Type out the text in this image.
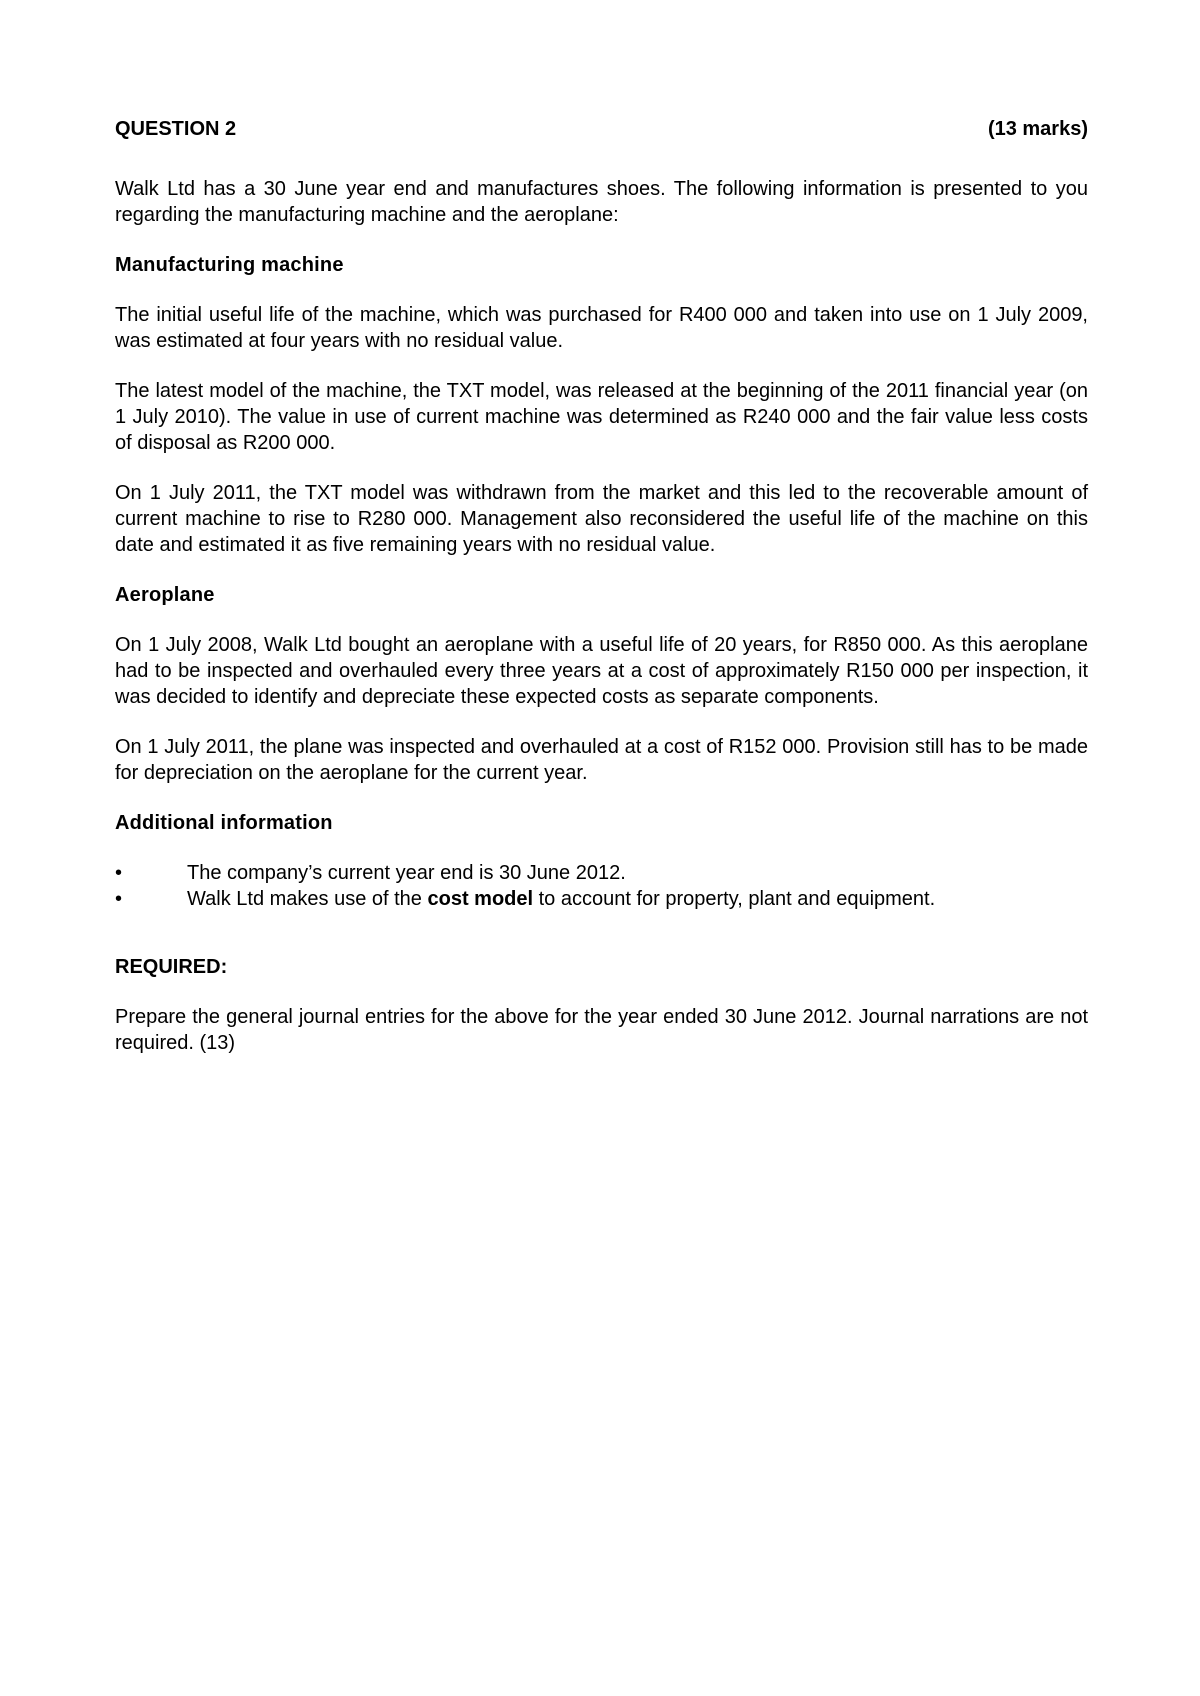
QUESTION 2	(13 marks)

Walk Ltd has a 30 June year end and manufactures shoes. The following information is presented to you regarding the manufacturing machine and the aeroplane:

Manufacturing machine

The initial useful life of the machine, which was purchased for R400 000 and taken into use on 1 July 2009, was estimated at four years with no residual value.

The latest model of the machine, the TXT model, was released at the beginning of the 2011 financial year (on 1 July 2010). The value in use of current machine was determined as R240 000 and the fair value less costs of disposal as R200 000.

On 1 July 2011, the TXT model was withdrawn from the market and this led to the recoverable amount of current machine to rise to R280 000. Management also reconsidered the useful life of the machine on this date and estimated it as five remaining years with no residual value.

Aeroplane

On 1 July 2008, Walk Ltd bought an aeroplane with a useful life of 20 years, for R850 000. As this aeroplane had to be inspected and overhauled every three years at a cost of approximately R150 000 per inspection, it was decided to identify and depreciate these expected costs as separate components.

On 1 July 2011, the plane was inspected and overhauled at a cost of R152 000. Provision still has to be made for depreciation on the aeroplane for the current year.

Additional information
•	The company’s current year end is 30 June 2012.
•	Walk Ltd makes use of the cost model to account for property, plant and equipment.
REQUIRED:

Prepare the general journal entries for the above for the year ended 30 June 2012. Journal narrations are not required. (13)
